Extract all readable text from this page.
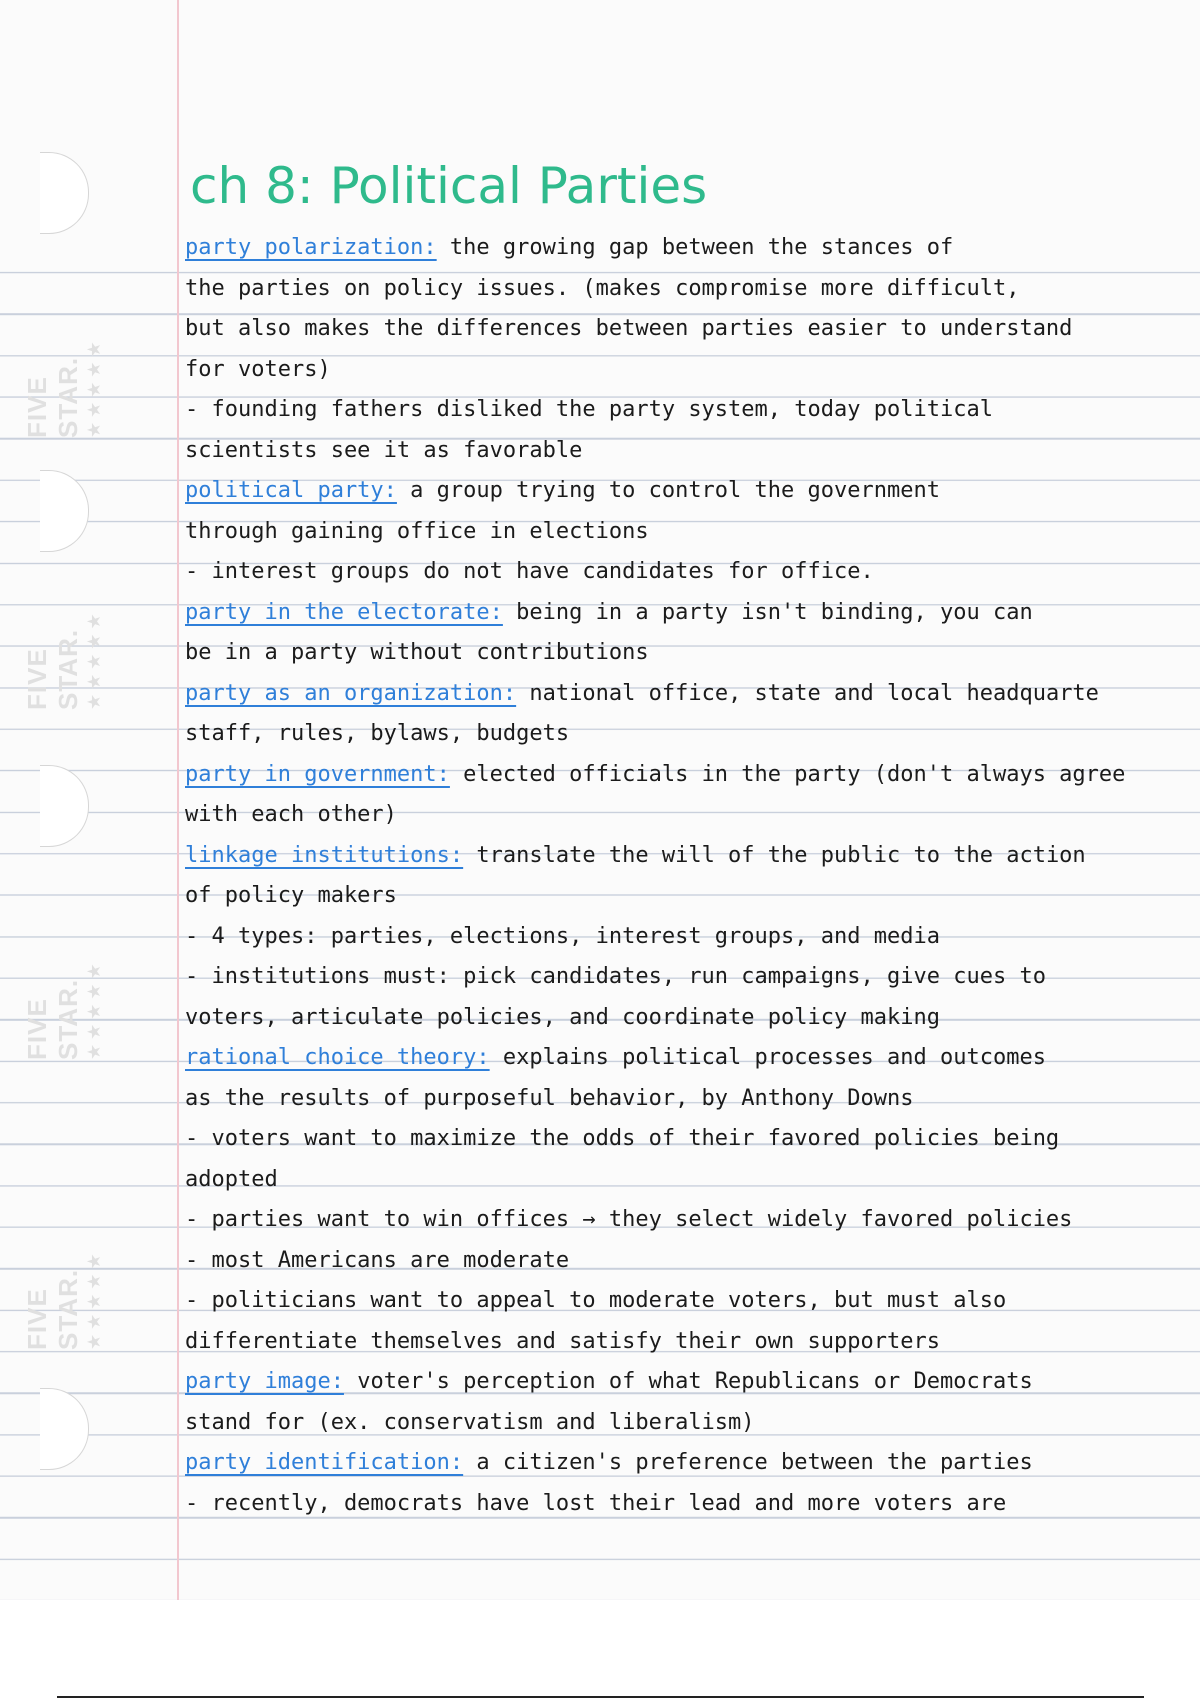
FIVE STAR. ★★★★★
FIVE STAR. ★★★★★
FIVE STAR. ★★★★★
FIVE STAR. ★★★★★
ch 8: Political Parties
party polarization: the growing gap between the stances of
the parties on policy issues. (makes compromise more difficult,
but also makes the differences between parties easier to understand
for voters)
- founding fathers disliked the party system, today political
scientists see it as favorable
political party: a group trying to control the government
through gaining office in elections
- interest groups do not have candidates for office.
party in the electorate: being in a party isn't binding, you can
be in a party without contributions
party as an organization: national office, state and local headquarte
staff, rules, bylaws, budgets
party in government: elected officials in the party (don't always agree
with each other)
linkage institutions: translate the will of the public to the action
of policy makers
- 4 types: parties, elections, interest groups, and media
- institutions must: pick candidates, run campaigns, give cues to
voters, articulate policies, and coordinate policy making
rational choice theory: explains political processes and outcomes
as the results of purposeful behavior, by Anthony Downs
- voters want to maximize the odds of their favored policies being
adopted
- parties want to win offices → they select widely favored policies
- most Americans are moderate
- politicians want to appeal to moderate voters, but must also
differentiate themselves and satisfy their own supporters
party image: voter's perception of what Republicans or Democrats
stand for (ex. conservatism and liberalism)
party identification: a citizen's preference between the parties
- recently, democrats have lost their lead and more voters are
